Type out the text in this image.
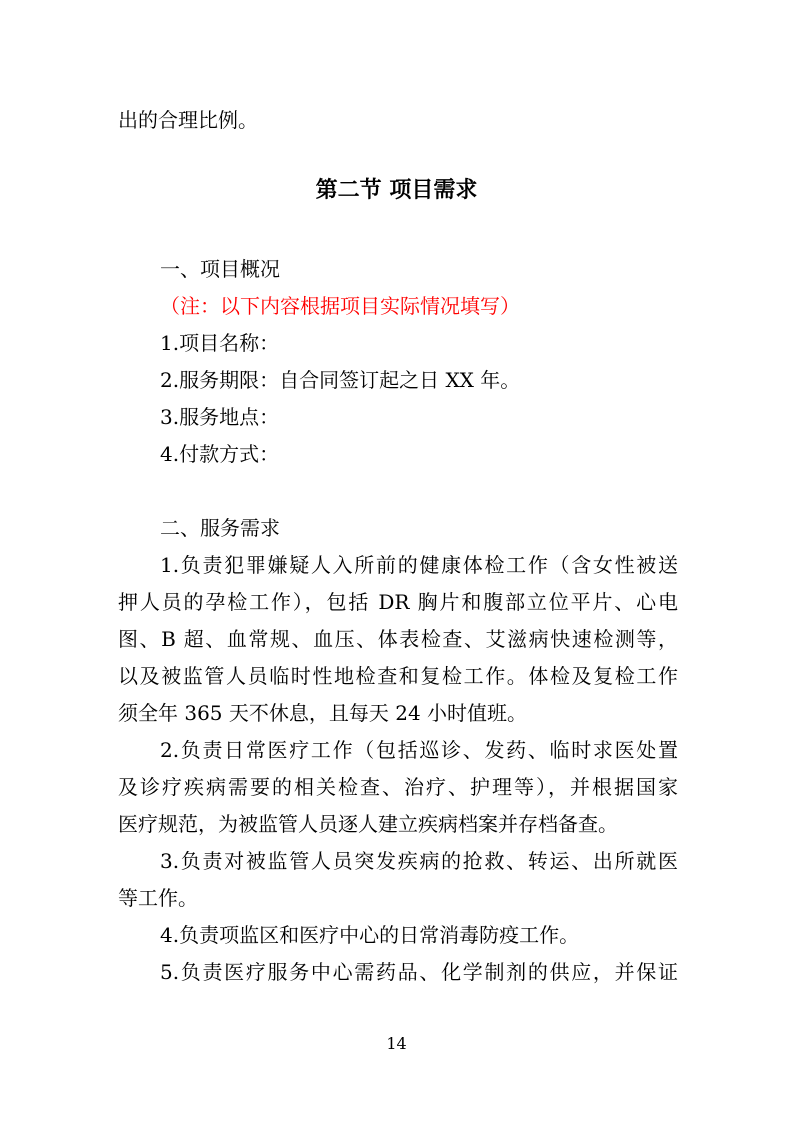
出的合理比例。
第二节 项目需求
一、项目概况
（注：以下内容根据项目实际情况填写）
1.项目名称：
2.服务期限：自合同签订起之日 XX 年。
3.服务地点：
4.付款方式：
二、服务需求
1.负责犯罪嫌疑人入所前的健康体检工作（含女性被送
押人员的孕检工作），包括 DR 胸片和腹部立位平片、心电
图、B 超、血常规、血压、体表检查、艾滋病快速检测等，
以及被监管人员临时性地检查和复检工作。体检及复检工作
须全年 365 天不休息，且每天 24 小时值班。
2.负责日常医疗工作（包括巡诊、发药、临时求医处置
及诊疗疾病需要的相关检查、治疗、护理等），并根据国家
医疗规范，为被监管人员逐人建立疾病档案并存档备查。
3.负责对被监管人员突发疾病的抢救、转运、出所就医
等工作。
4.负责项监区和医疗中心的日常消毒防疫工作。
5.负责医疗服务中心需药品、化学制剂的供应，并保证
14
